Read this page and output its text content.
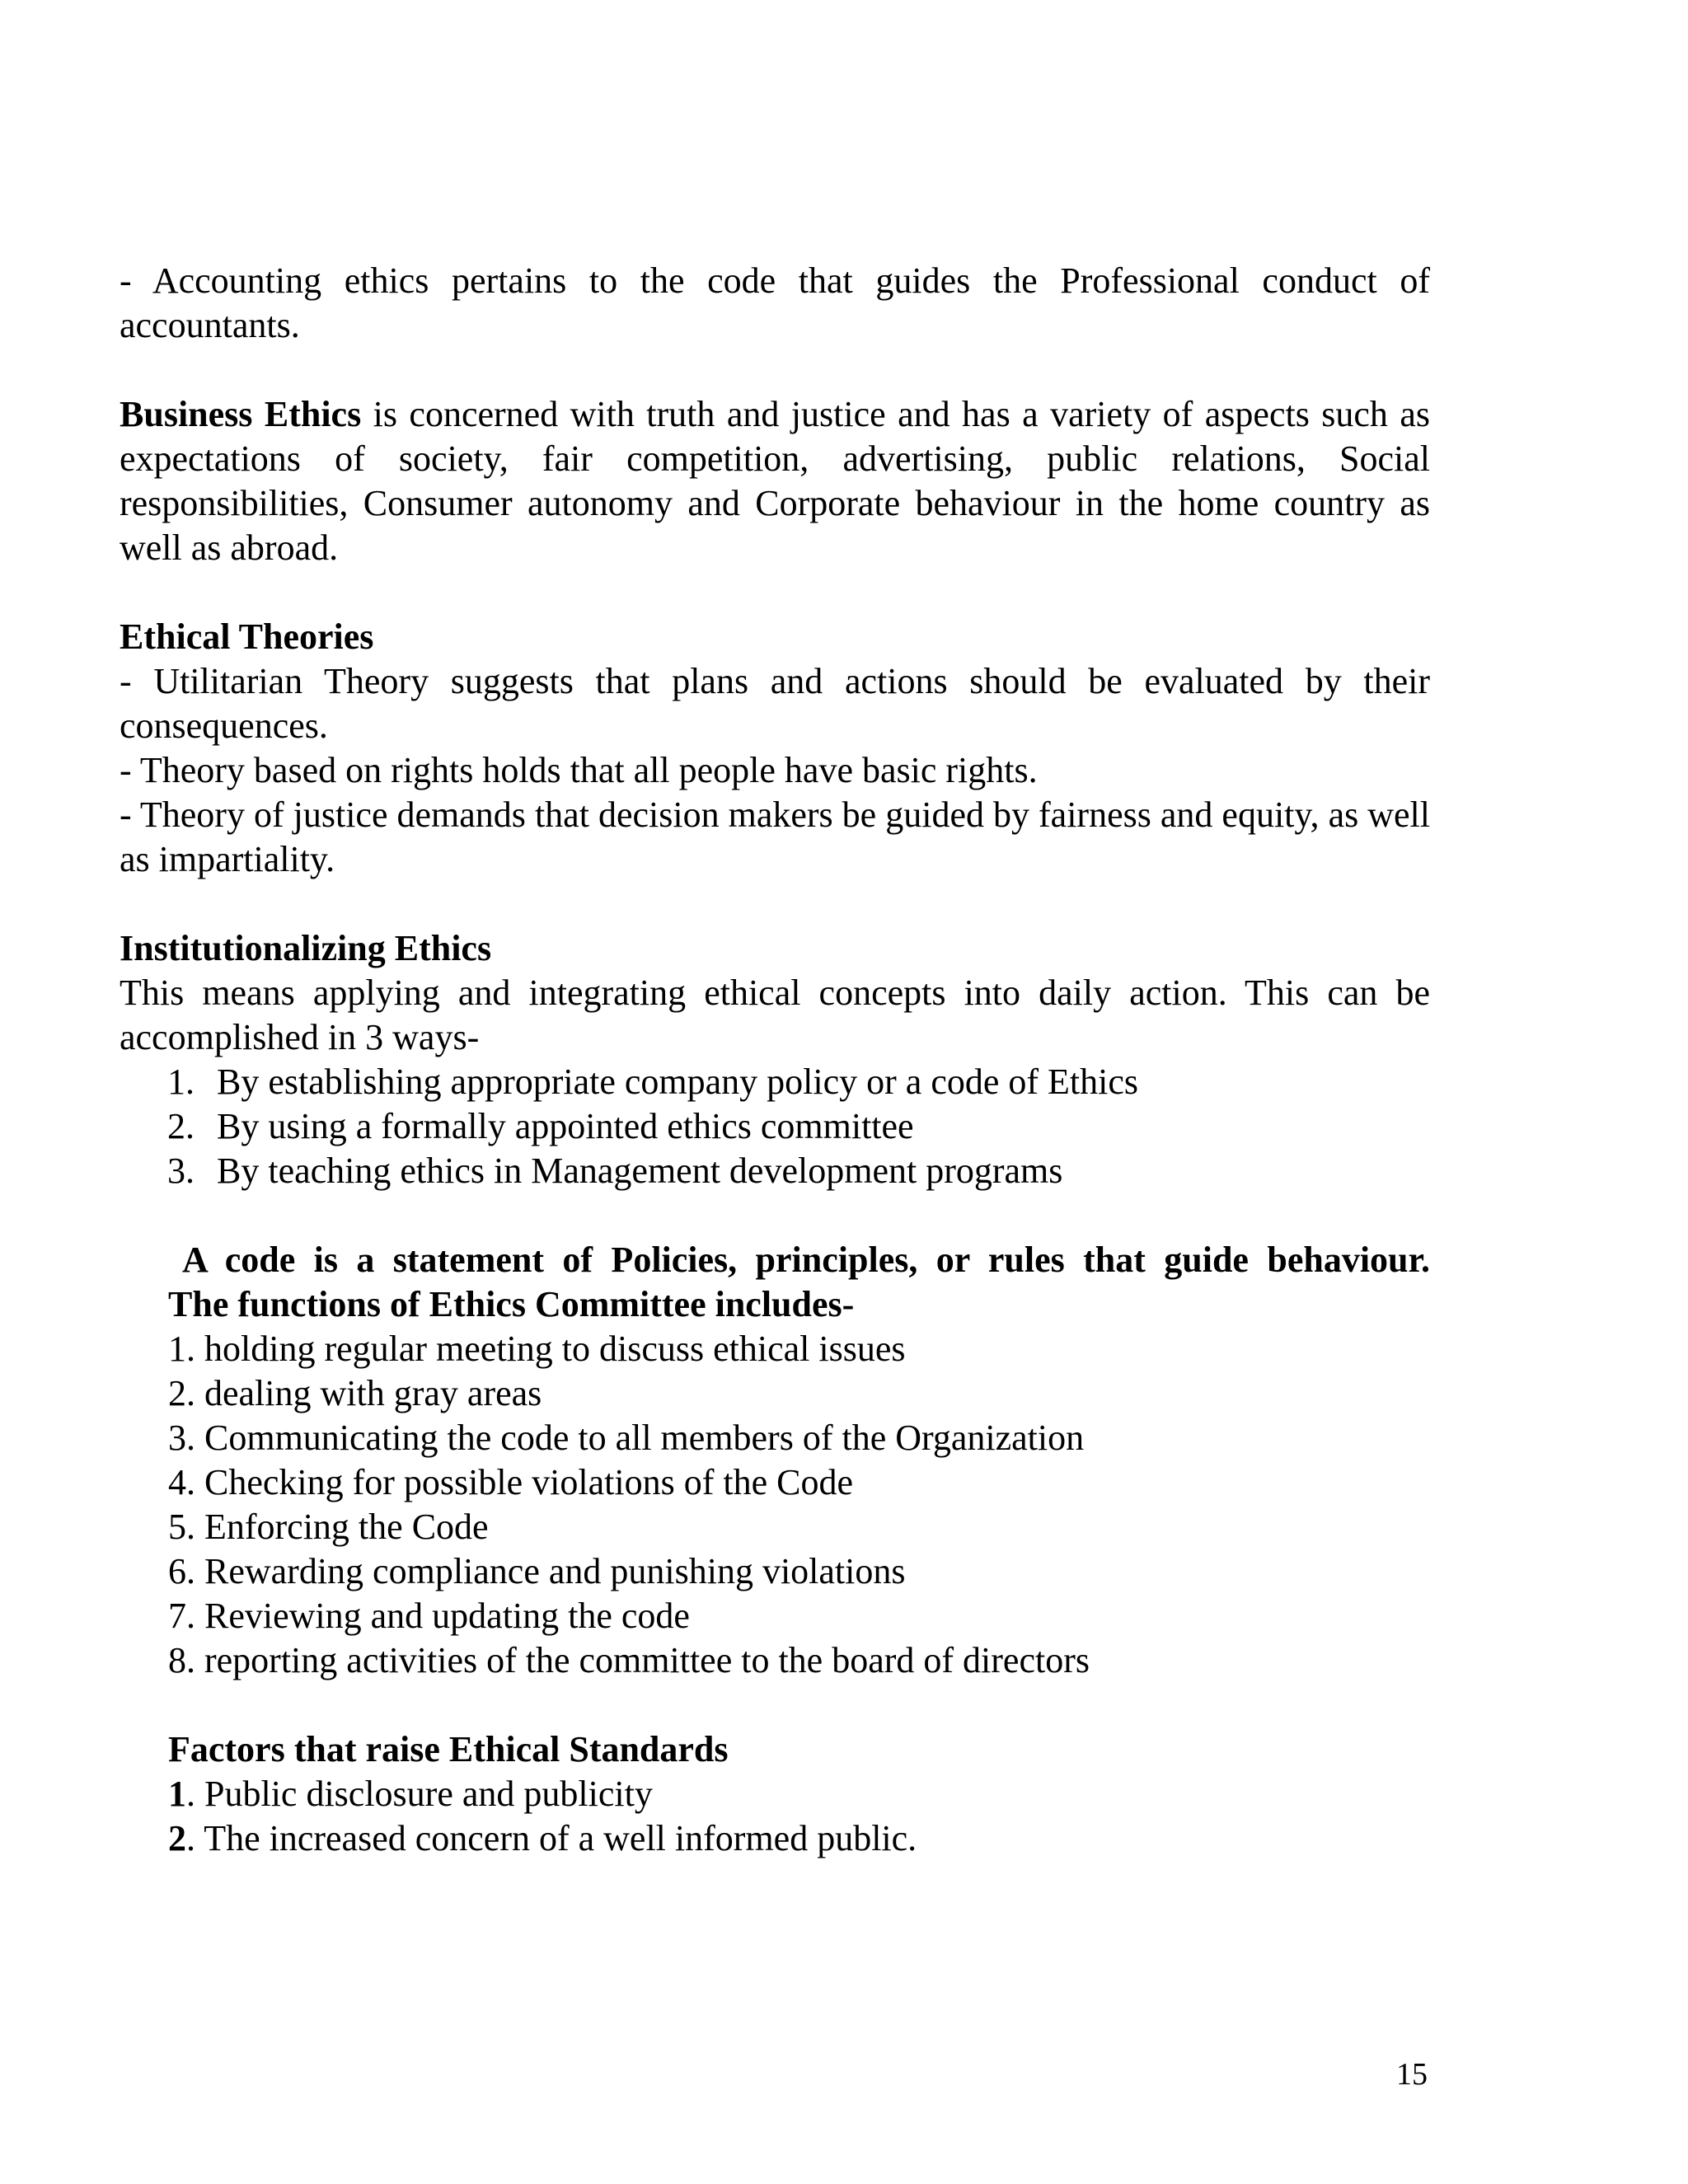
- Accounting ethics pertains to the code that guides the Professional conduct of accountants.

Business Ethics is concerned with truth and justice and has a variety of aspects such as expectations of society, fair competition, advertising, public relations, Social responsibilities, Consumer autonomy and Corporate behaviour in the home country as well as abroad.

Ethical Theories

- Utilitarian Theory suggests that plans and actions should be evaluated by their consequences.

- Theory based on rights holds that all people have basic rights.

- Theory of justice demands that decision makers be guided by fairness and equity, as well as impartiality.

Institutionalizing Ethics

This means applying and integrating ethical concepts into daily action. This can be accomplished in 3 ways-

1. By establishing appropriate company policy or a code of Ethics
2. By using a formally appointed ethics committee
3. By teaching ethics in Management development programs

A code is a statement of Policies, principles, or rules that guide behaviour.

The functions of Ethics Committee includes-

1. holding regular meeting to discuss ethical issues

2. dealing with gray areas

3. Communicating the code to all members of the Organization

4. Checking for possible violations of the Code

5. Enforcing the Code

6. Rewarding compliance and punishing violations

7. Reviewing and updating the code

8. reporting activities of the committee to the board of directors

Factors that raise Ethical Standards

1. Public disclosure and publicity

2. The increased concern of a well informed public.

15
